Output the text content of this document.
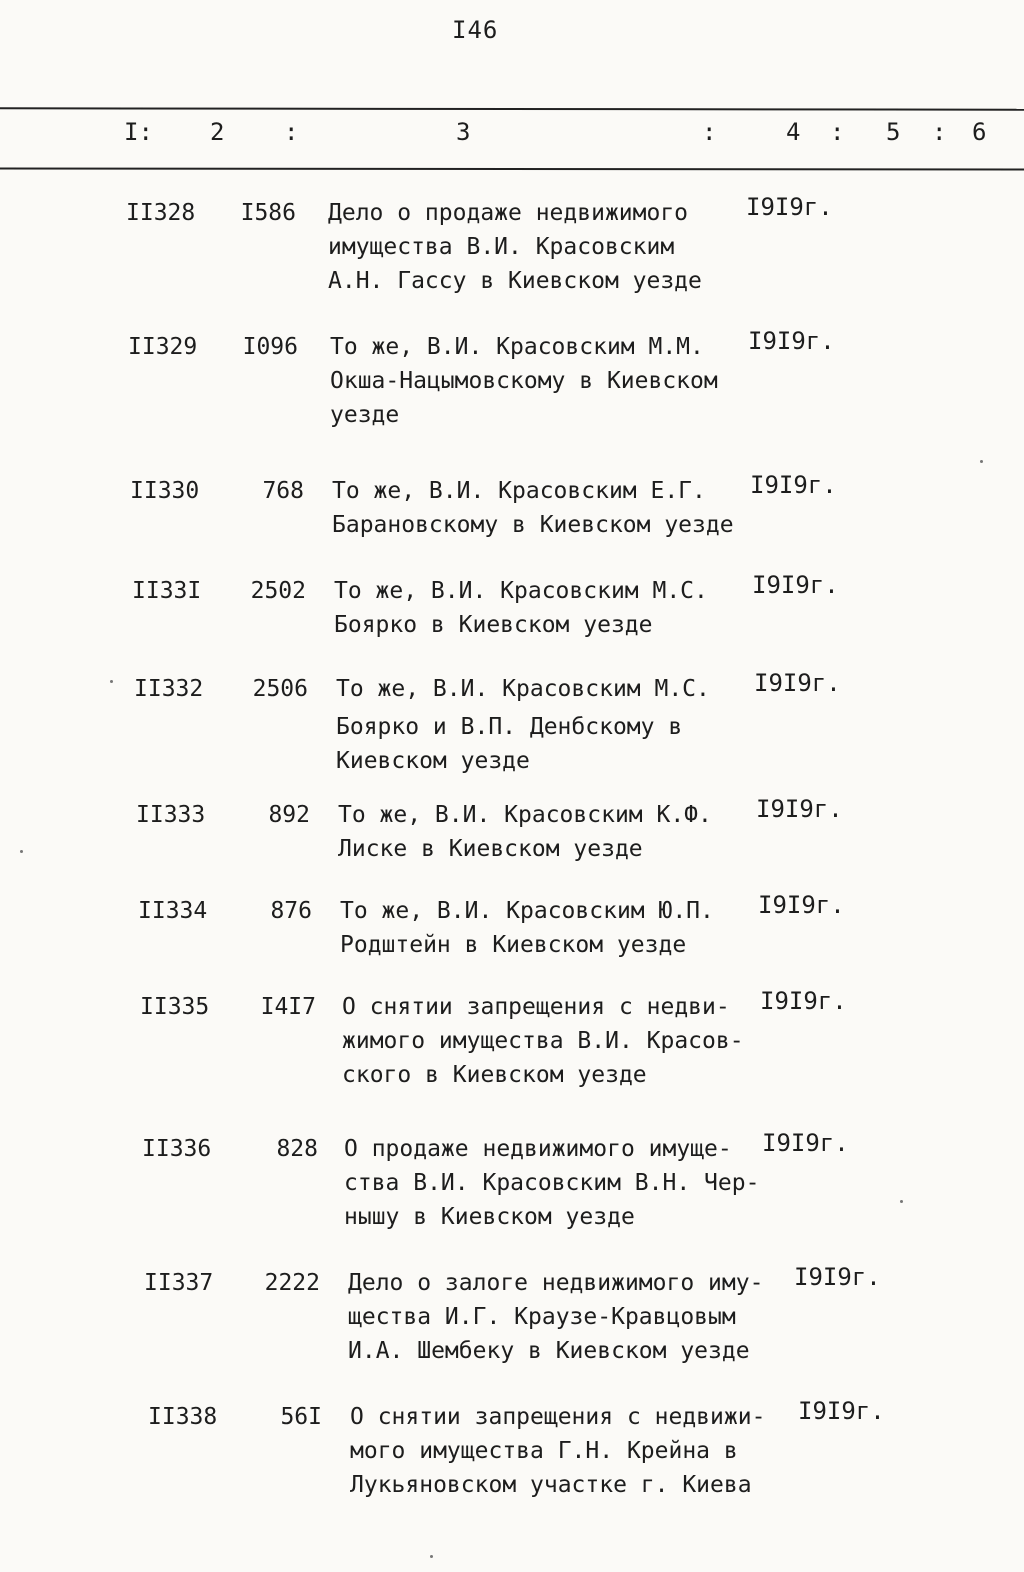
I46
I: 2 :	3	:	4 : 5 : 6
II328	I586 Дело о продаже недвижимого
имущества В.И. Красовским
А.Н. Гассу в Киевском уезде
I9I9г.
II329	I096 То же, В.И. Красовским М.М.
Окша-Нацымовскому в Киевском
уезде
I9I9г.
II330	768 То же, В.И. Красовским Е.Г.
Барановскому в Киевском уезде
I9I9г.
II33I	2502 То же, В.И. Красовским М.С.
Боярко в Киевском уезде
I9I9г.
II332	2506 То же, В.И. Красовским М.С.
Боярко и В.П. Денбскому в
Киевском уезде
I9I9г.
II333	892 То же, В.И. Красовским К.Ф.
Лиске в Киевском уезде
I9I9г.
II334	876 То же, В.И. Красовским Ю.П.
Родштейн в Киевском уезде
I9I9г.
II335	I4I7 О снятии запрещения с недви-
жимого имущества В.И. Красов-
ского в Киевском уезде
I9I9г.
II336	828 О продаже недвижимого имуще-
ства В.И. Красовским В.Н. Чер-
нышу в Киевском уезде
I9I9г.
II337	2222 Дело о залоге недвижимого иму-
щества И.Г. Краузе-Кравцовым
И.А. Шембеку в Киевском уезде
I9I9г.
II338	56I О снятии запрещения с недвижи-
мого имущества Г.Н. Крейна в
Лукьяновском участке г. Киева
I9I9г.
